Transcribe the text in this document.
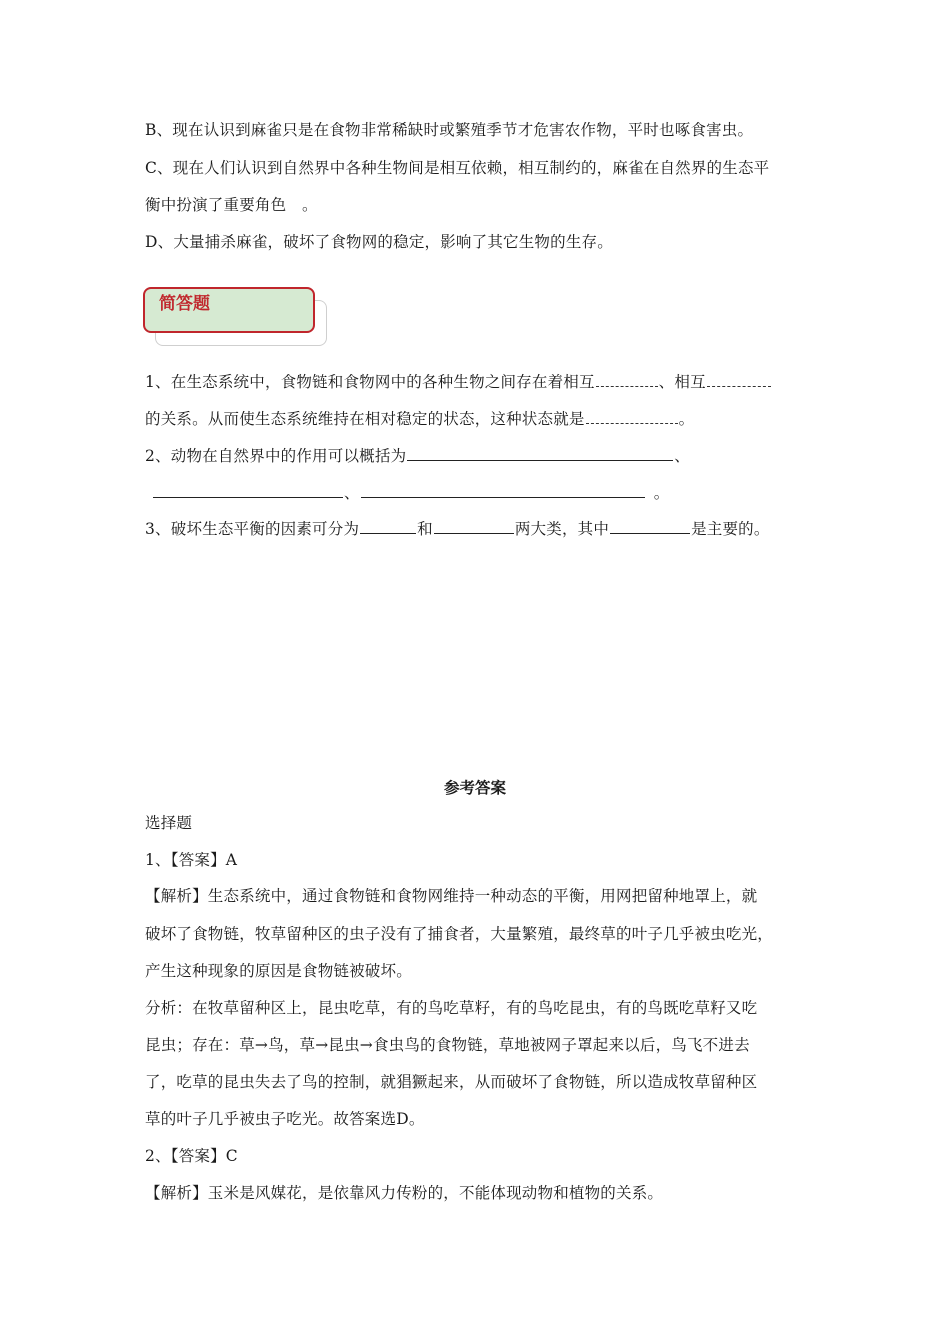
B、现在认识到麻雀只是在食物非常稀缺时或繁殖季节才危害农作物，平时也啄食害虫。
C、现在人们认识到自然界中各种生物间是相互依赖，相互制约的，麻雀在自然界的生态平
衡中扮演了重要角色　。
D、大量捕杀麻雀，破坏了食物网的稳定，影响了其它生物的生存。
简答题
1、在生态系统中，食物链和食物网中的各种生物之间存在着相互	、相互
的关系。从而使生态系统维持在相对稳定的状态，这种状态就是	。
2、动物在自然界中的作用可以概括为	、
、	。
3、破坏生态平衡的因素可分为	和	两大类，其中	是主要的。
参考答案
选择题
1、【答案】A
【解析】生态系统中，通过食物链和食物网维持一种动态的平衡，用网把留种地罩上，就
破坏了食物链，牧草留种区的虫子没有了捕食者，大量繁殖，最终草的叶子几乎被虫吃光，
产生这种现象的原因是食物链被破坏。
分析：在牧草留种区上，昆虫吃草，有的鸟吃草籽，有的鸟吃昆虫，有的鸟既吃草籽又吃
昆虫；存在：草→鸟，草→昆虫→食虫鸟的食物链，草地被网子罩起来以后，鸟飞不进去
了，吃草的昆虫失去了鸟的控制，就猖獗起来，从而破坏了食物链，所以造成牧草留种区
草的叶子几乎被虫子吃光。故答案选D。
2、【答案】C
【解析】玉米是风媒花，是依靠风力传粉的，不能体现动物和植物的关系。
